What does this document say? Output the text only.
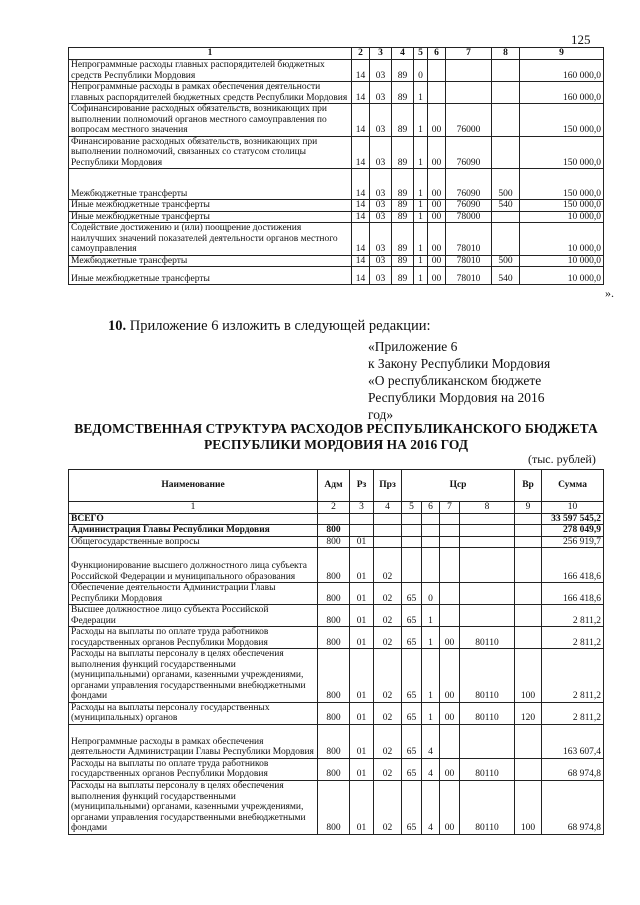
125
1	2	3	4	5	6	7	8	9
Непрограммные расходы главных распорядителей бюджетных средств Республики Мордовия	14	03	89	0				160 000,0
Непрограммные расходы в рамках обеспечения деятельности главных распорядителей бюджетных средств Республики Мордовия	14	03	89	1				160 000,0
Софинансирование расходных обязательств, возникающих при выполнении полномочий органов местного самоуправления по вопросам местного значения	14	03	89	1	00	76000		150 000,0
Финансирование расходных обязательств, возникающих при выполнении полномочий, связанных со статусом столицы Республики Мордовия	14	03	89	1	00	76090		150 000,0
Межбюджетные трансферты	14	03	89	1	00	76090	500	150 000,0
Иные межбюджетные трансферты	14	03	89	1	00	76090	540	150 000,0
Иные межбюджетные трансферты	14	03	89	1	00	78000		10 000,0
Содействие достижению и (или) поощрение достижения наилучших значений показателей деятельности органов местного самоуправления	14	03	89	1	00	78010		10 000,0
Межбюджетные трансферты	14	03	89	1	00	78010	500	10 000,0
Иные межбюджетные трансферты	14	03	89	1	00	78010	540	10 000,0
».
10. Приложение 6 изложить в следующей редакции:
«Приложение 6
к Закону Республики Мордовия
«О республиканском бюджете
Республики Мордовия на 2016
год»
ВЕДОМСТВЕННАЯ СТРУКТУРА РАСХОДОВ РЕСПУБЛИКАНСКОГО БЮДЖЕТА
РЕСПУБЛИКИ МОРДОВИЯ НА 2016 ГОД
(тыс. рублей)
Наименование	Адм	Рз	Прз	Цср				Вр	Сумма
1	2	3	4	5	6	7	8	9	10
ВСЕГО									33 597 545,2
Администрация Главы Республики Мордовия	800								278 049,9
Общегосударственные вопросы	800	01							256 919,7
Функционирование высшего должностного лица субъекта Российской Федерации и муниципального образования	800	01	02						166 418,6
Обеспечение деятельности Администрации Главы Республики Мордовия	800	01	02	65	0				166 418,6
Высшее должностное лицо субъекта Российской Федерации	800	01	02	65	1				2 811,2
Расходы на выплаты по оплате труда работников государственных органов Республики Мордовия	800	01	02	65	1	00	80110		2 811,2
Расходы на выплаты персоналу в целях обеспечения выполнения функций государственными (муниципальными) органами, казенными учреждениями, органами управления государственными внебюджетными фондами	800	01	02	65	1	00	80110	100	2 811,2
Расходы на выплаты персоналу государственных (муниципальных) органов	800	01	02	65	1	00	80110	120	2 811,2
Непрограммные расходы в рамках обеспечения деятельности Администрации Главы Республики Мордовия	800	01	02	65	4				163 607,4
Расходы на выплаты по оплате труда работников государственных органов Республики Мордовия	800	01	02	65	4	00	80110		68 974,8
Расходы на выплаты персоналу в целях обеспечения выполнения функций государственными (муниципальными) органами, казенными учреждениями, органами управления государственными внебюджетными фондами	800	01	02	65	4	00	80110	100	68 974,8
